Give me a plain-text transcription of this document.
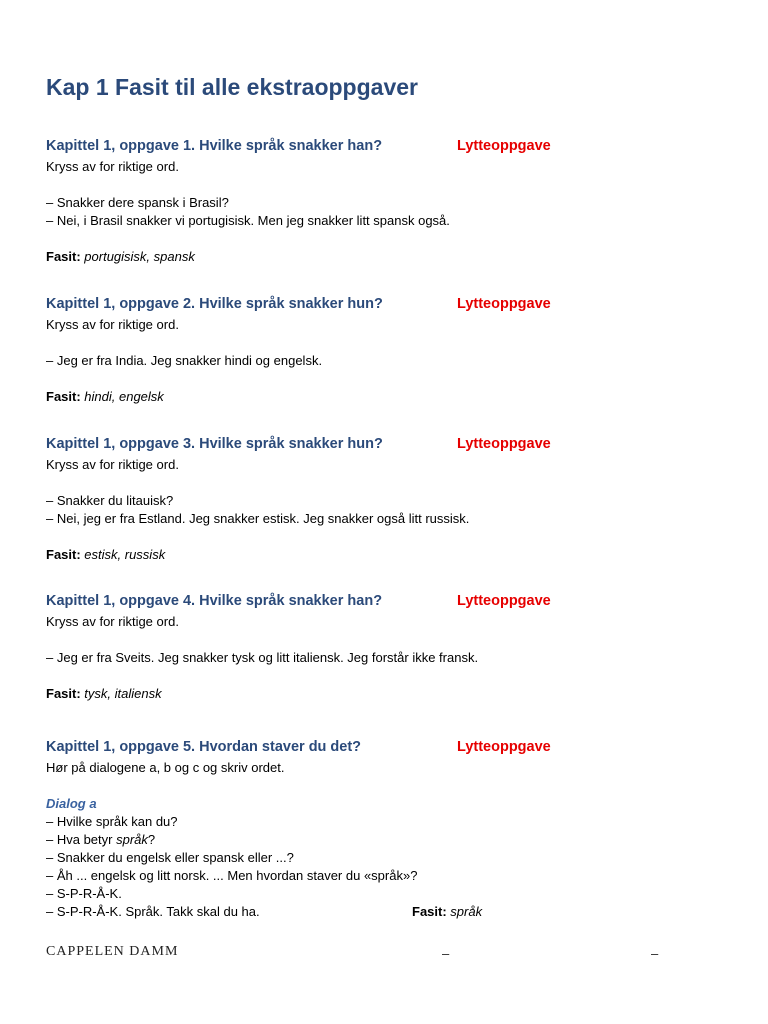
Kap 1 Fasit til alle ekstraoppgaver
Kapittel 1, oppgave 1. Hvilke språk snakker han?	Lytteoppgave
Kryss av for riktige ord.
– Snakker dere spansk i Brasil?
– Nei, i Brasil snakker vi portugisisk. Men jeg snakker litt spansk også.
Fasit: portugisisk, spansk
Kapittel 1, oppgave 2. Hvilke språk snakker hun?	Lytteoppgave
Kryss av for riktige ord.
– Jeg er fra India. Jeg snakker hindi og engelsk.
Fasit: hindi, engelsk
Kapittel 1, oppgave 3. Hvilke språk snakker hun?	Lytteoppgave
Kryss av for riktige ord.
– Snakker du litauisk?
– Nei, jeg er fra Estland. Jeg snakker estisk. Jeg snakker også litt russisk.
Fasit: estisk, russisk
Kapittel 1, oppgave 4. Hvilke språk snakker han?	Lytteoppgave
Kryss av for riktige ord.
– Jeg er fra Sveits. Jeg snakker tysk og litt italiensk. Jeg forstår ikke fransk.
Fasit: tysk, italiensk
Kapittel 1, oppgave 5. Hvordan staver du det?	Lytteoppgave
Hør på dialogene a, b og c og skriv ordet.
Dialog a
– Hvilke språk kan du?
– Hva betyr språk?
– Snakker du engelsk eller spansk eller ...?
– Åh ... engelsk og litt norsk. ... Men hvordan staver du «språk»?
– S-P-R-Å-K.
– S-P-R-Å-K. Språk. Takk skal du ha.	Fasit: språk
CAPPELEN DAMM	–	–
